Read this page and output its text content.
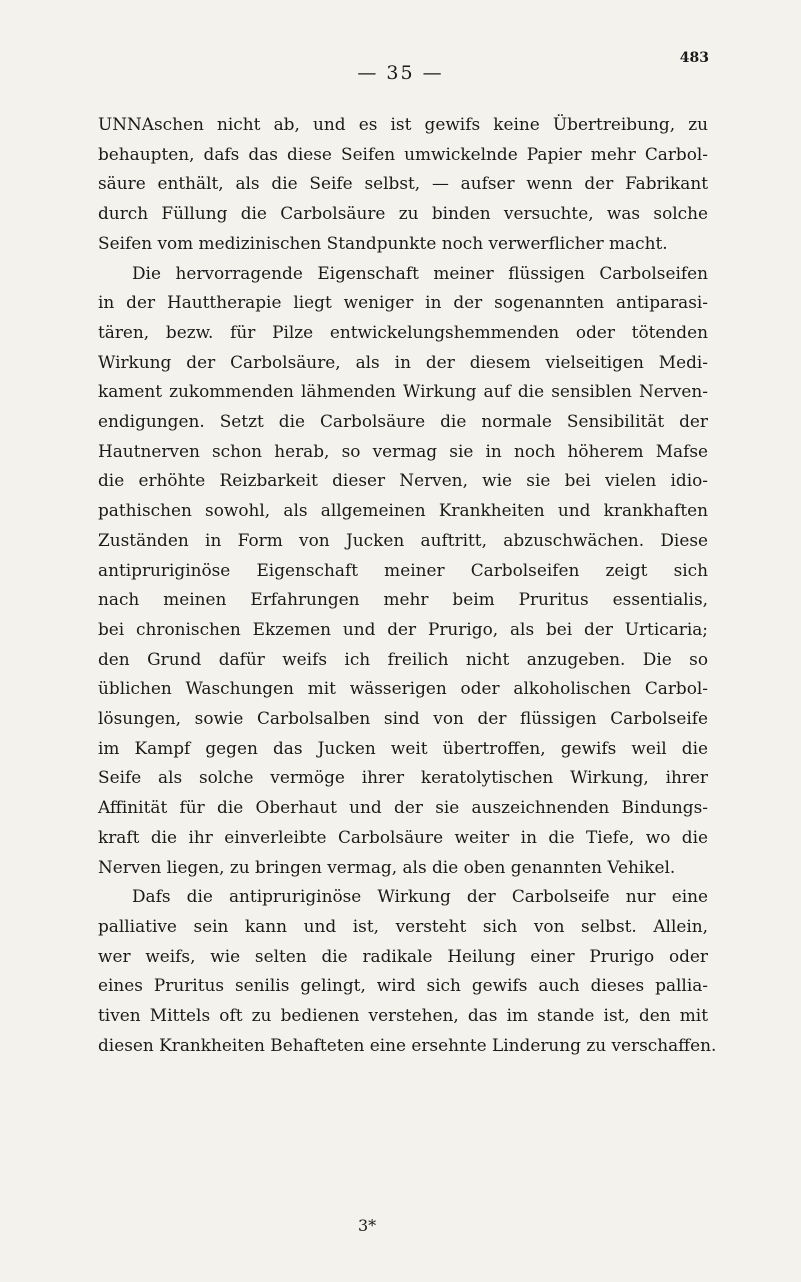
483
— 35 —
UNNAschen nicht ab, und es ist gewifs keine Übertreibung, zu
behaupten, dafs das diese Seifen umwickelnde Papier mehr Carbol-
säure enthält, als die Seife selbst, — aufser wenn der Fabrikant
durch Füllung die Carbolsäure zu binden versuchte, was solche
Seifen vom medizinischen Standpunkte noch verwerflicher macht.
Die hervorragende Eigenschaft meiner flüssigen Carbolseifen
in der Hauttherapie liegt weniger in der sogenannten antiparasi-
tären, bezw. für Pilze entwickelungshemmenden oder tötenden
Wirkung der Carbolsäure, als in der diesem vielseitigen Medi-
kament zukommenden lähmenden Wirkung auf die sensiblen Nerven-
endigungen. Setzt die Carbolsäure die normale Sensibilität der
Hautnerven schon herab, so vermag sie in noch höherem Mafse
die erhöhte Reizbarkeit dieser Nerven, wie sie bei vielen idio-
pathischen sowohl, als allgemeinen Krankheiten und krankhaften
Zuständen in Form von Jucken auftritt, abzuschwächen. Diese
antipruriginöse Eigenschaft meiner Carbolseifen zeigt sich
nach meinen Erfahrungen mehr beim Pruritus essentialis,
bei chronischen Ekzemen und der Prurigo, als bei der Urticaria;
den Grund dafür weifs ich freilich nicht anzugeben. Die so
üblichen Waschungen mit wässerigen oder alkoholischen Carbol-
lösungen, sowie Carbolsalben sind von der flüssigen Carbolseife
im Kampf gegen das Jucken weit übertroffen, gewifs weil die
Seife als solche vermöge ihrer keratolytischen Wirkung, ihrer
Affinität für die Oberhaut und der sie auszeichnenden Bindungs-
kraft die ihr einverleibte Carbolsäure weiter in die Tiefe, wo die
Nerven liegen, zu bringen vermag, als die oben genannten Vehikel.
Dafs die antipruriginöse Wirkung der Carbolseife nur eine
palliative sein kann und ist, versteht sich von selbst. Allein,
wer weifs, wie selten die radikale Heilung einer Prurigo oder
eines Pruritus senilis gelingt, wird sich gewifs auch dieses pallia-
tiven Mittels oft zu bedienen verstehen, das im stande ist, den mit
diesen Krankheiten Behafteten eine ersehnte Linderung zu verschaffen.
3*
